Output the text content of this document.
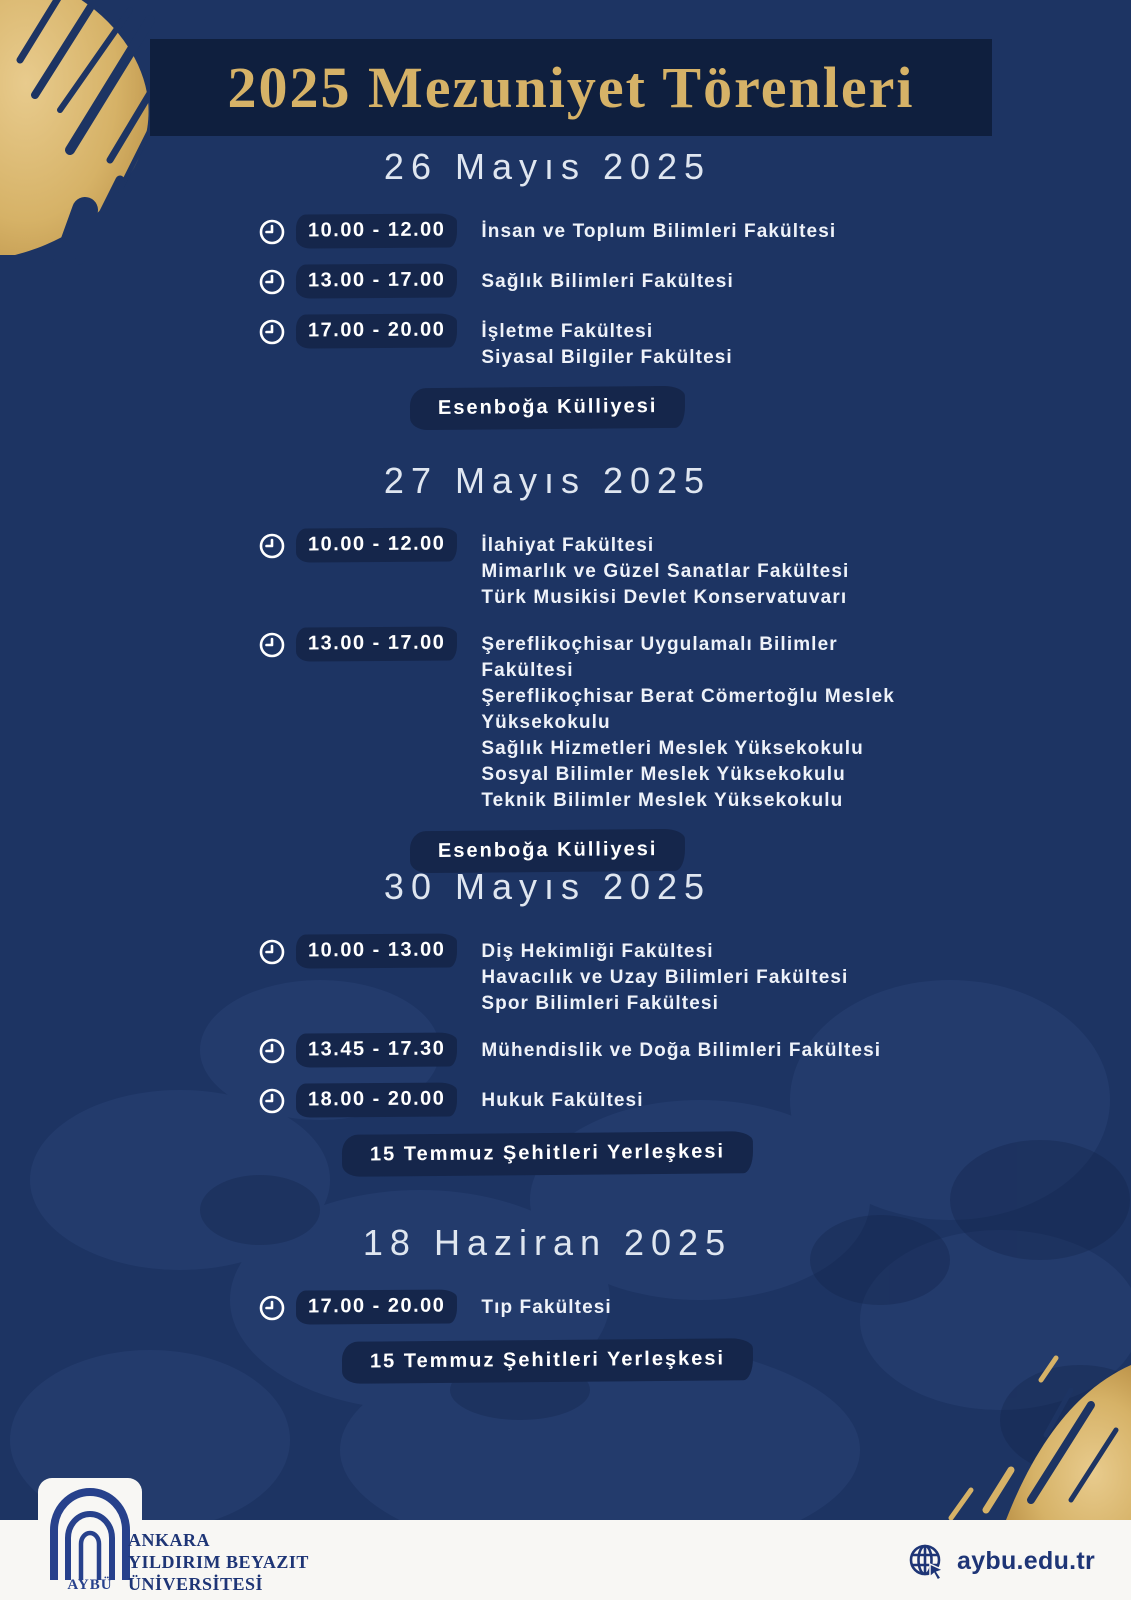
2025 Mezuniyet Törenleri
26 Mayıs 2025
10.00 - 12.00	İnsan ve Toplum Bilimleri Fakültesi
13.00 - 17.00	Sağlık Bilimleri Fakültesi
17.00 - 20.00	İşletme Fakültesi
Siyasal Bilgiler Fakültesi
Esenboğa Külliyesi
27 Mayıs 2025
10.00 - 12.00	İlahiyat Fakültesi
Mimarlık ve Güzel Sanatlar Fakültesi
Türk Musikisi Devlet Konservatuvarı
13.00 - 17.00	Şereflikoçhisar Uygulamalı Bilimler Fakültesi
Şereflikoçhisar Berat Cömertoğlu Meslek Yüksekokulu
Sağlık Hizmetleri Meslek Yüksekokulu
Sosyal Bilimler Meslek Yüksekokulu
Teknik Bilimler Meslek Yüksekokulu
Esenboğa Külliyesi
30 Mayıs 2025
10.00 - 13.00	Diş Hekimliği Fakültesi
Havacılık ve Uzay Bilimleri Fakültesi
Spor Bilimleri Fakültesi
13.45 - 17.30	Mühendislik ve Doğa Bilimleri Fakültesi
18.00 - 20.00	Hukuk Fakültesi
15 Temmuz Şehitleri Yerleşkesi
18 Haziran 2025
17.00 - 20.00	Tıp Fakültesi
15 Temmuz Şehitleri Yerleşkesi
AYBÜ
ANKARA
YILDIRIM BEYAZIT
ÜNİVERSİTESİ
aybu.edu.tr
